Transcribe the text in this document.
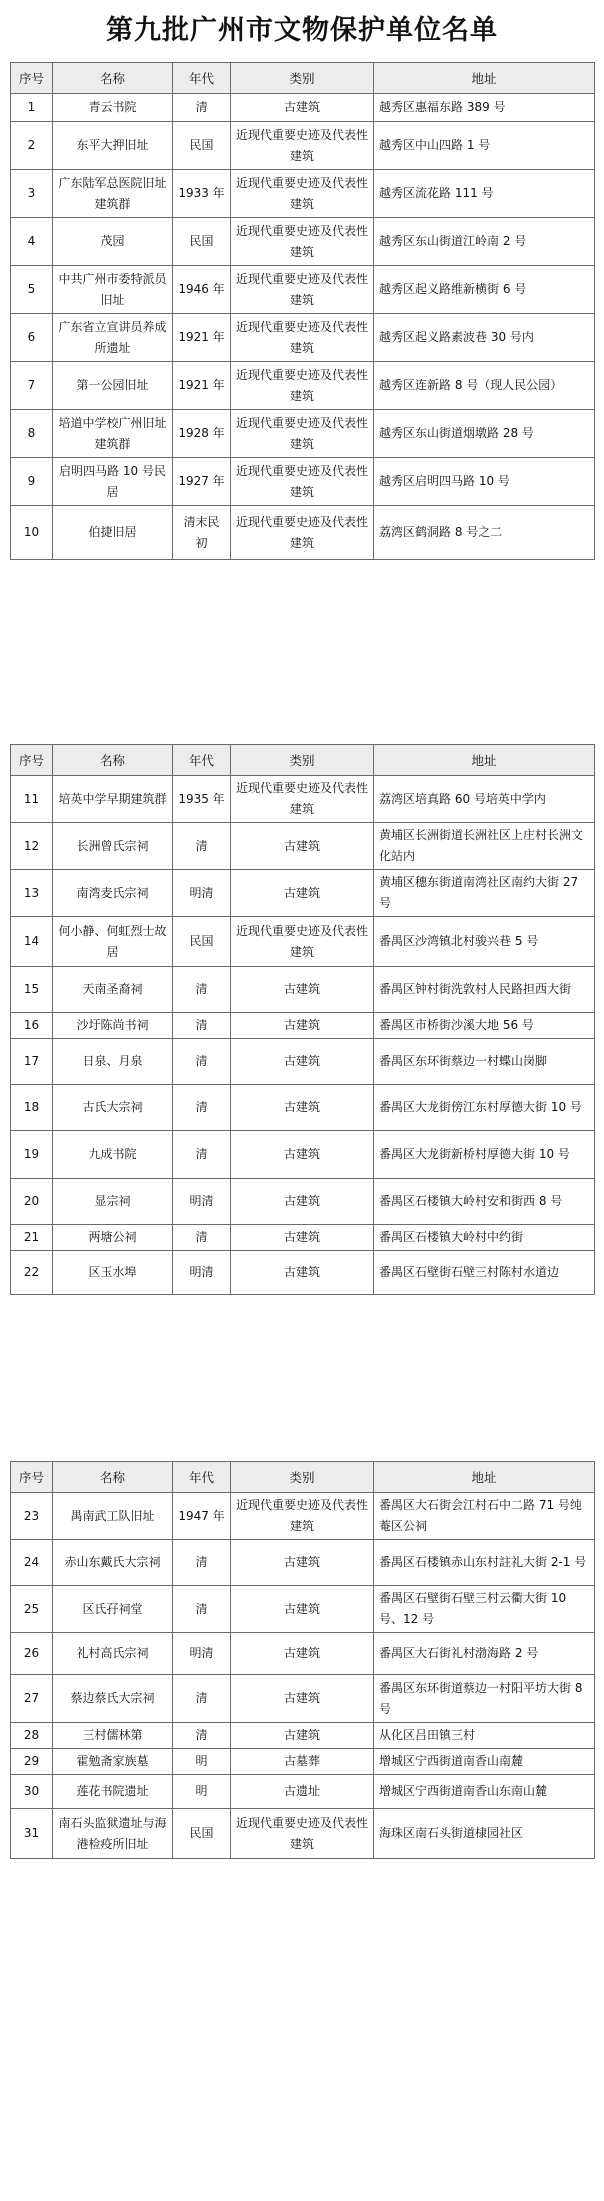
第九批广州市文物保护单位名单
序号	名称	年代	类别	地址
1	青云书院	清	古建筑	越秀区惠福东路 389 号
2	东平大押旧址	民国	近现代重要史迹及代表性建筑	越秀区中山四路 1 号
3	广东陆军总医院旧址建筑群	1933 年	近现代重要史迹及代表性建筑	越秀区流花路 111 号
4	茂园	民国	近现代重要史迹及代表性建筑	越秀区东山街道江岭南 2 号
5	中共广州市委特派员旧址	1946 年	近现代重要史迹及代表性建筑	越秀区起义路维新横街 6 号
6	广东省立宣讲员养成所遗址	1921 年	近现代重要史迹及代表性建筑	越秀区起义路素波巷 30 号内
7	第一公园旧址	1921 年	近现代重要史迹及代表性建筑	越秀区连新路 8 号（现人民公园）
8	培道中学校广州旧址建筑群	1928 年	近现代重要史迹及代表性建筑	越秀区东山街道烟墩路 28 号
9	启明四马路 10 号民居	1927 年	近现代重要史迹及代表性建筑	越秀区启明四马路 10 号
10	伯捷旧居	清末民初	近现代重要史迹及代表性建筑	荔湾区鹤洞路 8 号之二
序号	名称	年代	类别	地址
11	培英中学早期建筑群	1935 年	近现代重要史迹及代表性建筑	荔湾区培真路 60 号培英中学内
12	长洲曾氏宗祠	清	古建筑	黄埔区长洲街道长洲社区上庄村长洲文化站内
13	南湾麦氏宗祠	明清	古建筑	黄埔区穗东街道南湾社区南约大街 27 号
14	何小静、何虹烈士故居	民国	近现代重要史迹及代表性建筑	番禺区沙湾镇北村骏兴巷 5 号
15	天南圣裔祠	清	古建筑	番禺区钟村街洗敦村人民路担西大街
16	沙圩陈尚书祠	清	古建筑	番禺区市桥街沙溪大地 56 号
17	日泉、月泉	清	古建筑	番禺区东环街蔡边一村蝶山岗脚
18	古氏大宗祠	清	古建筑	番禺区大龙街傍江东村厚德大街 10 号
19	九成书院	清	古建筑	番禺区大龙街新桥村厚德大街 10 号
20	显宗祠	明清	古建筑	番禺区石楼镇大岭村安和街西 8 号
21	两塘公祠	清	古建筑	番禺区石楼镇大岭村中约街
22	区玉水埠	明清	古建筑	番禺区石壁街石壁三村陈村水道边
序号	名称	年代	类别	地址
23	禺南武工队旧址	1947 年	近现代重要史迹及代表性建筑	番禺区大石街会江村石中二路 71 号纯菴区公祠
24	赤山东戴氏大宗祠	清	古建筑	番禺区石楼镇赤山东村註礼大街 2-1 号
25	区氏孖祠堂	清	古建筑	番禺区石壁街石壁三村云衢大街 10 号、12 号
26	礼村高氏宗祠	明清	古建筑	番禺区大石街礼村渤海路 2 号
27	蔡边蔡氏大宗祠	清	古建筑	番禺区东环街道蔡边一村阳平坊大街 8 号
28	三村儒林第	清	古建筑	从化区吕田镇三村
29	霍勉斋家族墓	明	古墓葬	增城区宁西街道南香山南麓
30	莲花书院遗址	明	古遗址	增城区宁西街道南香山东南山麓
31	南石头监狱遗址与海港检疫所旧址	民国	近现代重要史迹及代表性建筑	海珠区南石头街道棣园社区
